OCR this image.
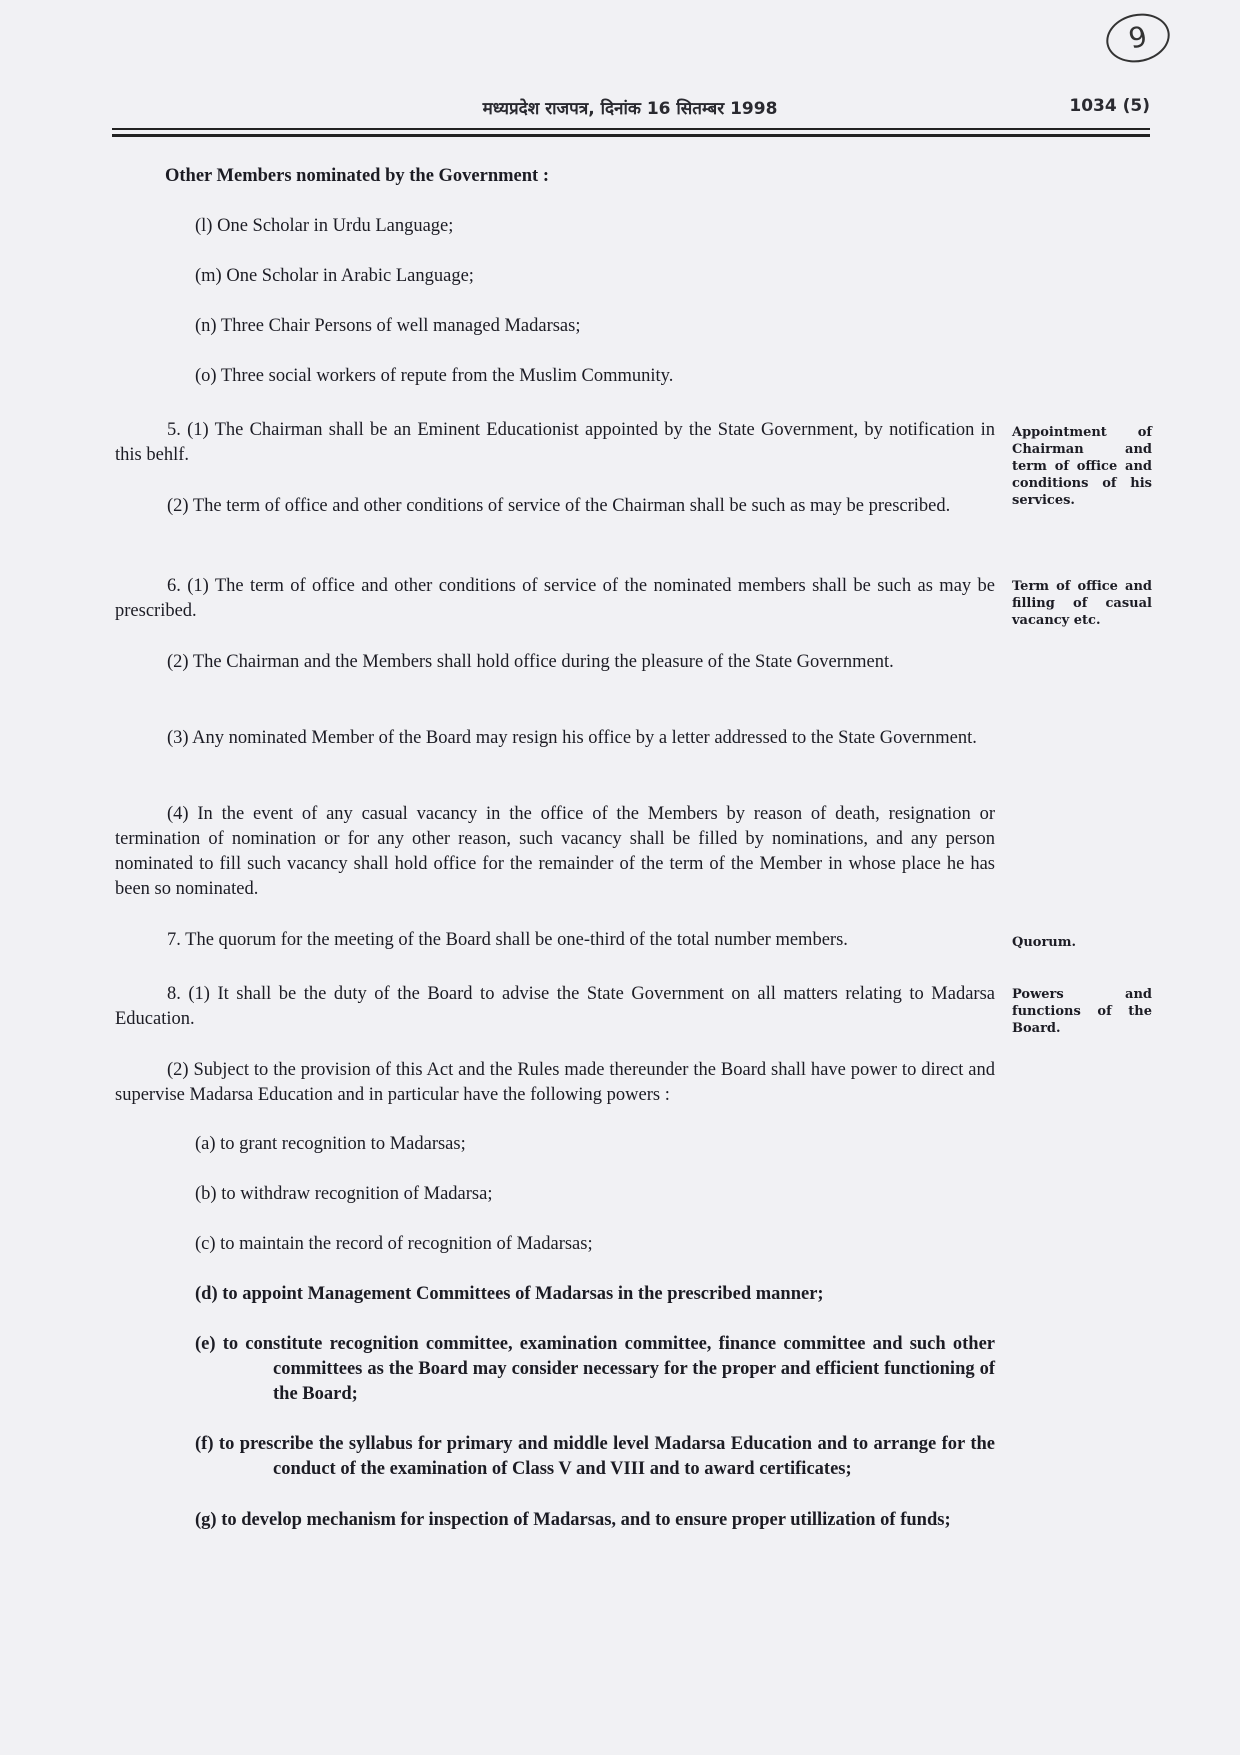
9
मध्यप्रदेश राजपत्र, दिनांक 16 सितम्बर 1998	1034 (5)

Other Members nominated by the Government :

(l) One Scholar in Urdu Language;

(m) One Scholar in Arabic Language;

(n) Three Chair Persons of well managed Madarsas;

(o) Three social workers of repute from the Muslim Community.

5. (1) The Chairman shall be an Eminent Educationist appointed by the State Government, by notification in this behlf.

(2) The term of office and other conditions of service of the Chairman shall be such as may be prescribed.

Appointment of Chairman and term of office and conditions of his services.

6. (1) The term of office and other conditions of service of the nominated members shall be such as may be prescribed.

(2) The Chairman and the Members shall hold office during the pleasure of the State Government.

(3) Any nominated Member of the Board may resign his office by a letter addressed to the State Government.

(4) In the event of any casual vacancy in the office of the Members by reason of death, resignation or termination of nomination or for any other reason, such vacancy shall be filled by nominations, and any person nominated to fill such vacancy shall hold office for the remainder of the term of the Member in whose place he has been so nominated.

Term of office and filling of casual vacancy etc.

7. The quorum for the meeting of the Board shall be one-third of the total number members.	Quorum.

8. (1) It shall be the duty of the Board to advise the State Government on all matters relating to Madarsa Education.

(2) Subject to the provision of this Act and the Rules made thereunder the Board shall have power to direct and supervise Madarsa Education and in particular have the following powers :

Powers and functions of the Board.

(a) to grant recognition to Madarsas;

(b) to withdraw recognition of Madarsa;

(c) to maintain the record of recognition of Madarsas;

(d) to appoint Management Committees of Madarsas in the prescribed manner;

(e) to constitute recognition committee, examination committee, finance committee and such other committees as the Board may consider necessary for the proper and efficient functioning of the Board;

(f) to prescribe the syllabus for primary and middle level Madarsa Education and to arrange for the conduct of the examination of Class V and VIII and to award certificates;

(g) to develop mechanism for inspection of Madarsas, and to ensure proper utillization of funds;
